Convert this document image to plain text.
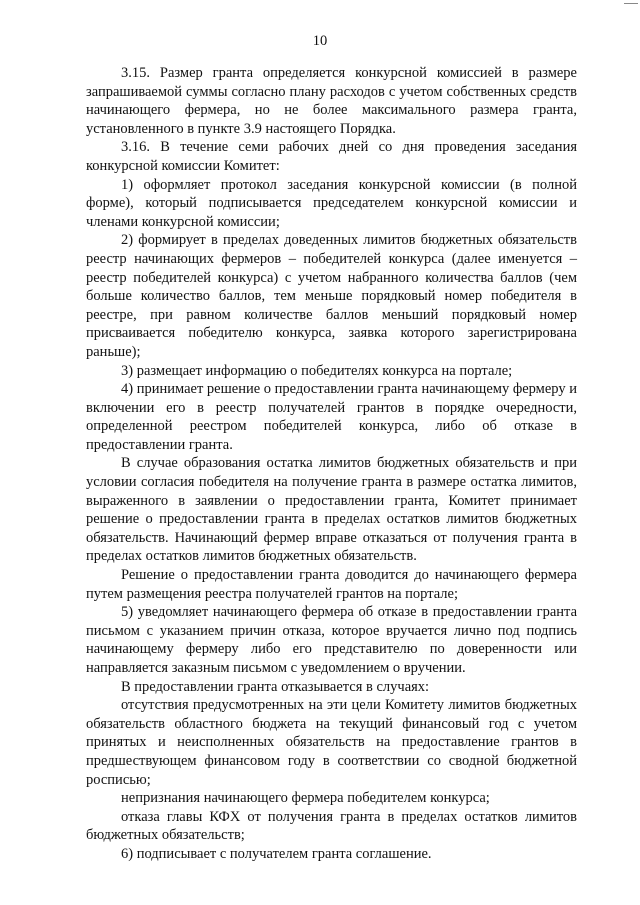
10

3.15. Размер гранта определяется конкурсной комиссией в размере запрашиваемой суммы согласно плану расходов с учетом собственных средств начинающего фермера, но не более максимального размера гранта, установленного в пункте 3.9 настоящего Порядка.

3.16. В течение семи рабочих дней со дня проведения заседания конкурсной комиссии Комитет:

1) оформляет протокол заседания конкурсной комиссии (в полной форме), который подписывается председателем конкурсной комиссии и членами конкурсной комиссии;

2) формирует в пределах доведенных лимитов бюджетных обязательств реестр начинающих фермеров – победителей конкурса (далее именуется – реестр победителей конкурса) с учетом набранного количества баллов (чем больше количество баллов, тем меньше порядковый номер победителя в реестре, при равном количестве баллов меньший порядковый номер присваивается победителю конкурса, заявка которого зарегистрирована раньше);

3) размещает информацию о победителях конкурса на портале;

4) принимает решение о предоставлении гранта начинающему фермеру и включении его в реестр получателей грантов в порядке очередности, определенной реестром победителей конкурса, либо об отказе в предоставлении гранта.

В случае образования остатка лимитов бюджетных обязательств и при условии согласия победителя на получение гранта в размере остатка лимитов, выраженного в заявлении о предоставлении гранта, Комитет принимает решение о предоставлении гранта в пределах остатков лимитов бюджетных обязательств. Начинающий фермер вправе отказаться от получения гранта в пределах остатков лимитов бюджетных обязательств.

Решение о предоставлении гранта доводится до начинающего фермера путем размещения реестра получателей грантов на портале;

5) уведомляет начинающего фермера об отказе в предоставлении гранта письмом с указанием причин отказа, которое вручается лично под подпись начинающему фермеру либо его представителю по доверенности или направляется заказным письмом с уведомлением о вручении.

В предоставлении гранта отказывается в случаях:

отсутствия предусмотренных на эти цели Комитету лимитов бюджетных обязательств областного бюджета на текущий финансовый год с учетом принятых и неисполненных обязательств на предоставление грантов в предшествующем финансовом году в соответствии со сводной бюджетной росписью;

непризнания начинающего фермера победителем конкурса;

отказа главы КФХ от получения гранта в пределах остатков лимитов бюджетных обязательств;

6) подписывает с получателем гранта соглашение.
